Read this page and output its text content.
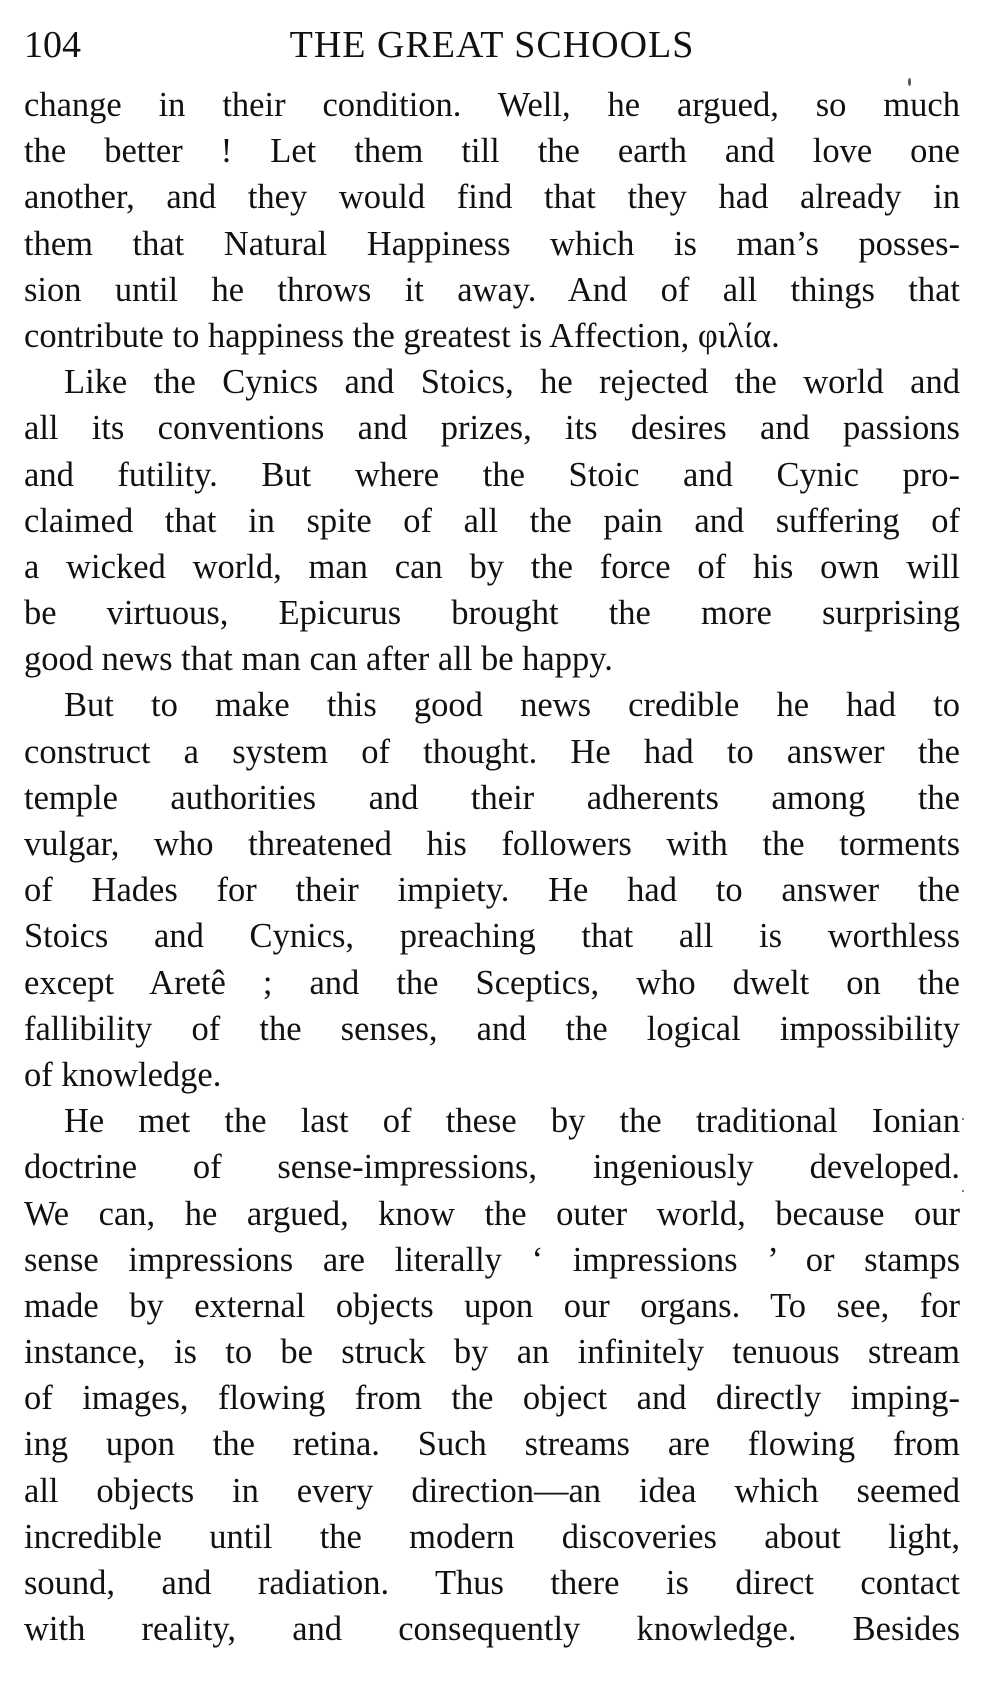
104	THE GREAT SCHOOLS
change in their condition. Well, he argued, so much
the better ! Let them till the earth and love one
another, and they would find that they had already in
them that Natural Happiness which is man’s posses-
sion until he throws it away. And of all things that
contribute to happiness the greatest is Affection, φιλία.
Like the Cynics and Stoics, he rejected the world and
all its conventions and prizes, its desires and passions
and futility. But where the Stoic and Cynic pro-
claimed that in spite of all the pain and suffering of
a wicked world, man can by the force of his own will
be virtuous, Epicurus brought the more surprising
good news that man can after all be happy.
But to make this good news credible he had to
construct a system of thought. He had to answer the
temple authorities and their adherents among the
vulgar, who threatened his followers with the torments
of Hades for their impiety. He had to answer the
Stoics and Cynics, preaching that all is worthless
except Aretê ; and the Sceptics, who dwelt on the
fallibility of the senses, and the logical impossibility
of knowledge.
He met the last of these by the traditional Ionian
doctrine of sense-impressions, ingeniously developed.
We can, he argued, know the outer world, because our
sense impressions are literally ‘ impressions ’ or stamps
made by external objects upon our organs. To see, for
instance, is to be struck by an infinitely tenuous stream
of images, flowing from the object and directly imping-
ing upon the retina. Such streams are flowing from
all objects in every direction—an idea which seemed
incredible until the modern discoveries about light,
sound, and radiation. Thus there is direct contact
with reality, and consequently knowledge. Besides
